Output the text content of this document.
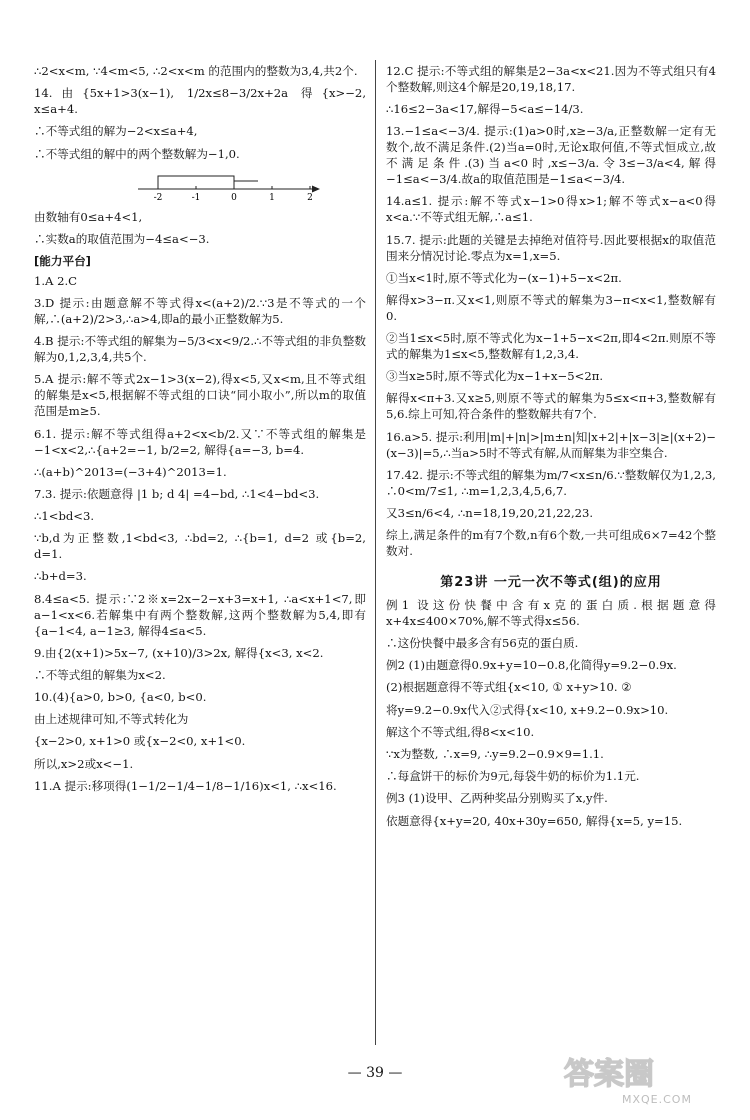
∴2<x<m, ∵4<m<5, ∴2<x<m 的范围内的整数为3,4,共2个.
14.由{5x+1>3(x−1), 1/2x≤8−3/2x+2a 得{x>−2, x≤a+4.
∴不等式组的解为−2<x≤a+4,
∴不等式组的解中的两个整数解为−1,0.
-2	-1	0	1	2
由数轴有0≤a+4<1,
∴实数a的取值范围为−4≤a<−3.
[能力平台]
1.A 2.C
3.D 提示:由题意解不等式得x<(a+2)/2.∵3是不等式的一个解,∴(a+2)/2>3,∴a>4,即a的最小正整数解为5.
4.B 提示:不等式组的解集为−5/3<x<9/2.∴不等式组的非负整数解为0,1,2,3,4,共5个.
5.A 提示:解不等式2x−1>3(x−2),得x<5,又x<m,且不等式组的解集是x<5,根据解不等式组的口诀“同小取小”,所以m的取值范围是m≥5.
6.1. 提示:解不等式组得a+2<x<b/2.又∵不等式组的解集是−1<x<2,∴{a+2=−1, b/2=2, 解得{a=−3, b=4.
∴(a+b)^2013=(−3+4)^2013=1.
7.3. 提示:依题意得 |1 b; d 4| =4−bd, ∴1<4−bd<3.
∴1<bd<3.
∵b,d为正整数,1<bd<3, ∴bd=2, ∴{b=1, d=2 或{b=2, d=1.
∴b+d=3.
8.4≤a<5. 提示:∵2※x=2x−2−x+3=x+1, ∴a<x+1<7,即a−1<x<6.若解集中有两个整数解,这两个整数解为5,4,即有{a−1<4, a−1≥3, 解得4≤a<5.
9.由{2(x+1)>5x−7, (x+10)/3>2x, 解得{x<3, x<2.
∴不等式组的解集为x<2.
10.(4){a>0, b>0, {a<0, b<0.
由上述规律可知,不等式转化为
{x−2>0, x+1>0 或{x−2<0, x+1<0.
所以,x>2或x<−1.
11.A 提示:移项得(1−1/2−1/4−1/8−1/16)x<1, ∴x<16.
12.C 提示:不等式组的解集是2−3a<x<21.因为不等式组只有4个整数解,则这4个解是20,19,18,17.
∴16≤2−3a<17,解得−5<a≤−14/3.
13.−1≤a<−3/4. 提示:(1)a>0时,x≥−3/a,正整数解一定有无数个,故不满足条件.(2)当a=0时,无论x取何值,不等式恒成立,故不满足条件.(3)当a<0时,x≤−3/a.令3≤−3/a<4,解得−1≤a<−3/4.故a的取值范围是−1≤a<−3/4.
14.a≤1. 提示:解不等式x−1>0得x>1;解不等式x−a<0得x<a.∵不等式组无解,∴a≤1.
15.7. 提示:此题的关键是去掉绝对值符号.因此要根据x的取值范围来分情况讨论.零点为x=1,x=5.
①当x<1时,原不等式化为−(x−1)+5−x<2π.
解得x>3−π.又x<1,则原不等式的解集为3−π<x<1,整数解有0.
②当1≤x<5时,原不等式化为x−1+5−x<2π,即4<2π.则原不等式的解集为1≤x<5,整数解有1,2,3,4.
③当x≥5时,原不等式化为x−1+x−5<2π.
解得x<π+3.又x≥5,则原不等式的解集为5≤x<π+3,整数解有5,6.综上可知,符合条件的整数解共有7个.
16.a>5. 提示:利用|m|+|n|>|m±n|知|x+2|+|x−3|≥|(x+2)−(x−3)|=5,∴当a>5时不等式有解,从而解集为非空集合.
17.42. 提示:不等式组的解集为m/7<x≤n/6.∵整数解仅为1,2,3, ∴0<m/7≤1, ∴m=1,2,3,4,5,6,7.
又3≤n/6<4, ∴n=18,19,20,21,22,23.
综上,满足条件的m有7个数,n有6个数,一共可组成6×7=42个整数对.
第23讲 一元一次不等式(组)的应用
例1 设这份快餐中含有x克的蛋白质.根据题意得x+4x≤400×70%,解不等式得x≤56.
∴这份快餐中最多含有56克的蛋白质.
例2 (1)由题意得0.9x+y=10−0.8,化简得y=9.2−0.9x.
(2)根据题意得不等式组{x<10, ① x+y>10. ②
将y=9.2−0.9x代入②式得{x<10, x+9.2−0.9x>10.
解这个不等式组,得8<x<10.
∵x为整数, ∴x=9, ∴y=9.2−0.9×9=1.1.
∴每盒饼干的标价为9元,每袋牛奶的标价为1.1元.
例3 (1)设甲、乙两种奖品分别购买了x,y件.
依题意得{x+y=20, 40x+30y=650, 解得{x=5, y=15.
— 39 —	答案圈
MXQE.COM
